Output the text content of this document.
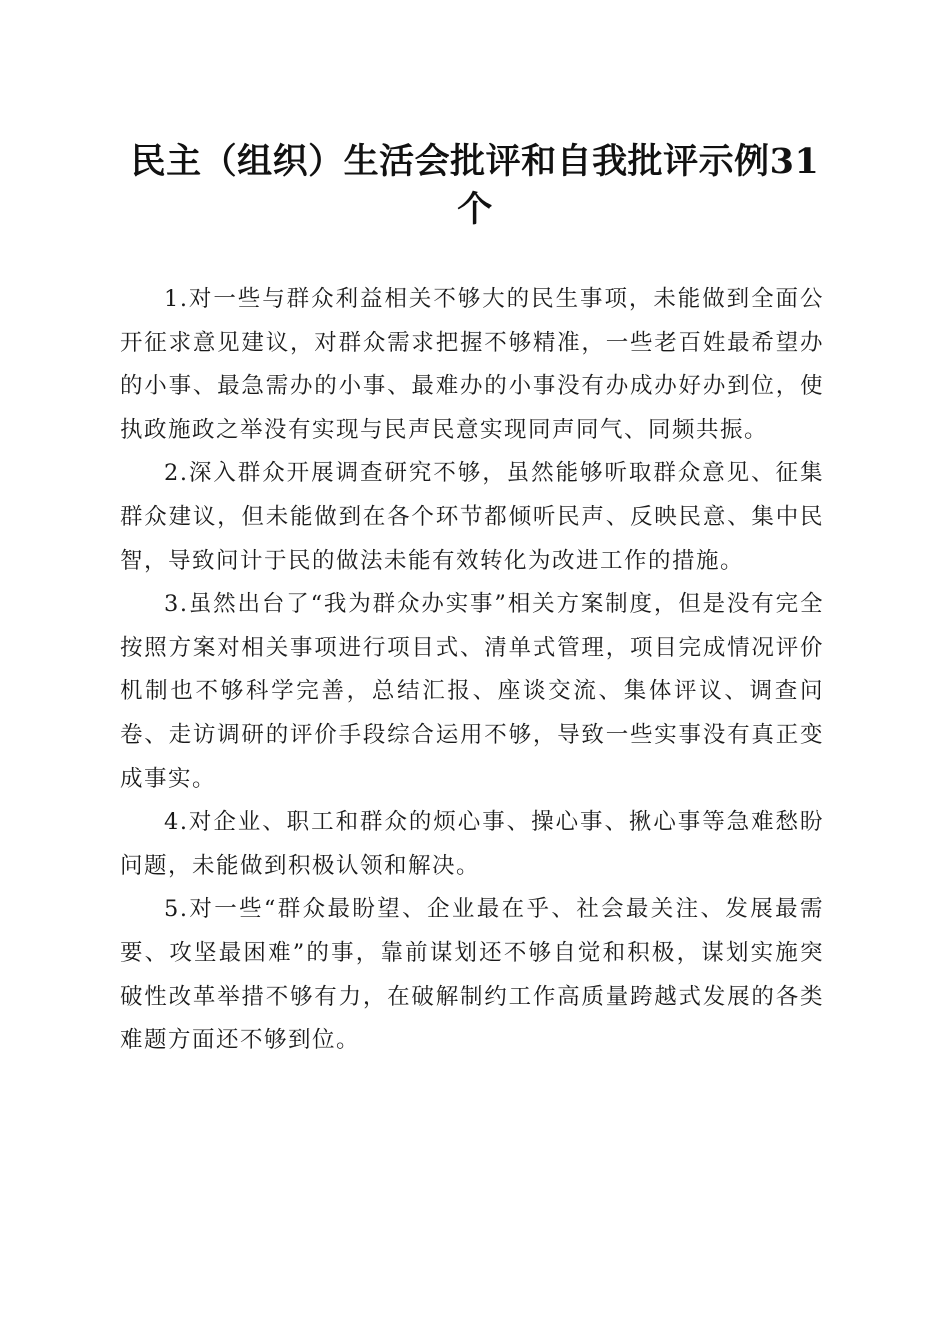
民主（组织）生活会批评和自我批评示例31个

1.对一些与群众利益相关不够大的民生事项，未能做到全面公开征求意见建议，对群众需求把握不够精准，一些老百姓最希望办的小事、最急需办的小事、最难办的小事没有办成办好办到位，使执政施政之举没有实现与民声民意实现同声同气、同频共振。

2.深入群众开展调查研究不够，虽然能够听取群众意见、征集群众建议，但未能做到在各个环节都倾听民声、反映民意、集中民智，导致问计于民的做法未能有效转化为改进工作的措施。

3.虽然出台了“我为群众办实事”相关方案制度，但是没有完全按照方案对相关事项进行项目式、清单式管理，项目完成情况评价机制也不够科学完善，总结汇报、座谈交流、集体评议、调查问卷、走访调研的评价手段综合运用不够，导致一些实事没有真正变成事实。

4.对企业、职工和群众的烦心事、操心事、揪心事等急难愁盼问题，未能做到积极认领和解决。

5.对一些“群众最盼望、企业最在乎、社会最关注、发展最需要、攻坚最困难”的事，靠前谋划还不够自觉和积极，谋划实施突破性改革举措不够有力，在破解制约工作高质量跨越式发展的各类难题方面还不够到位。
